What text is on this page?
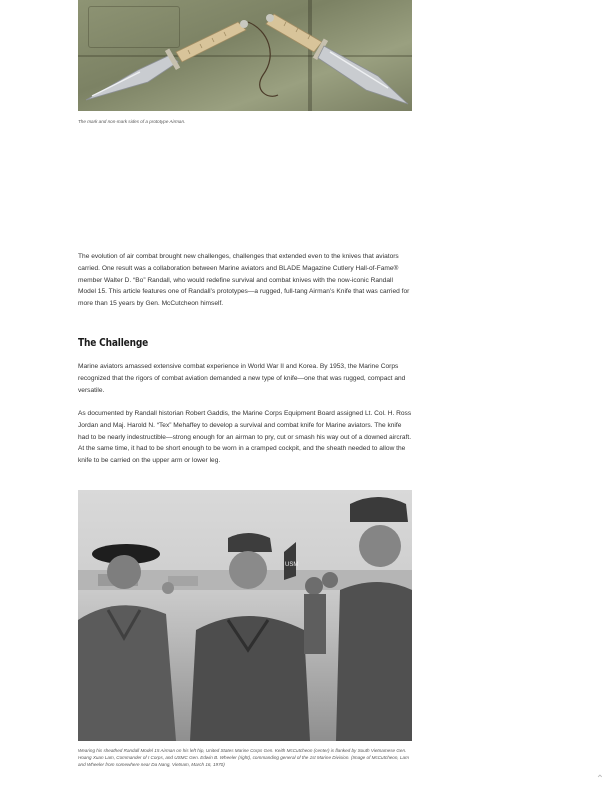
The mark and non-mark sides of a prototype Airman.

The evolution of air combat brought new challenges, challenges that extended even to the knives that aviators carried. One result was a collaboration between Marine aviators and BLADE Magazine Cutlery Hall-of-Fame® member Walter D. “Bo” Randall, who would redefine survival and combat knives with the now-iconic Randall Model 15. This article features one of Randall’s prototypes—a rugged, full-tang Airman’s Knife that was carried for more than 15 years by Gen. McCutcheon himself.

The Challenge

Marine aviators amassed extensive combat experience in World War II and Korea. By 1953, the Marine Corps recognized that the rigors of combat aviation demanded a new type of knife—one that was rugged, compact and versatile.

As documented by Randall historian Robert Gaddis, the Marine Corps Equipment Board assigned Lt. Col. H. Ross Jordan and Maj. Harold N. “Tex” Mehaffey to develop a survival and combat knife for Marine aviators. The knife had to be nearly indestructible—strong enough for an airman to pry, cut or smash his way out of a downed aircraft. At the same time, it had to be short enough to be worn in a cramped cockpit, and the sheath needed to allow the knife to be carried on the upper arm or lower leg.

USM
Wearing his sheathed Randall Model 15 Airman on his left hip, United States Marine Corps Gen. Keith McCutcheon (center) is flanked by South Vietnamese Gen. Hoang Xuan Lam, Commander of I Corps, and USMC Gen. Edwin B. Wheeler (right), commanding general of the 1st Marine Division. (Image of McCutcheon, Lam and Wheeler from somewhere near Da Nang, Vietnam, March 16, 1970)
⌃
